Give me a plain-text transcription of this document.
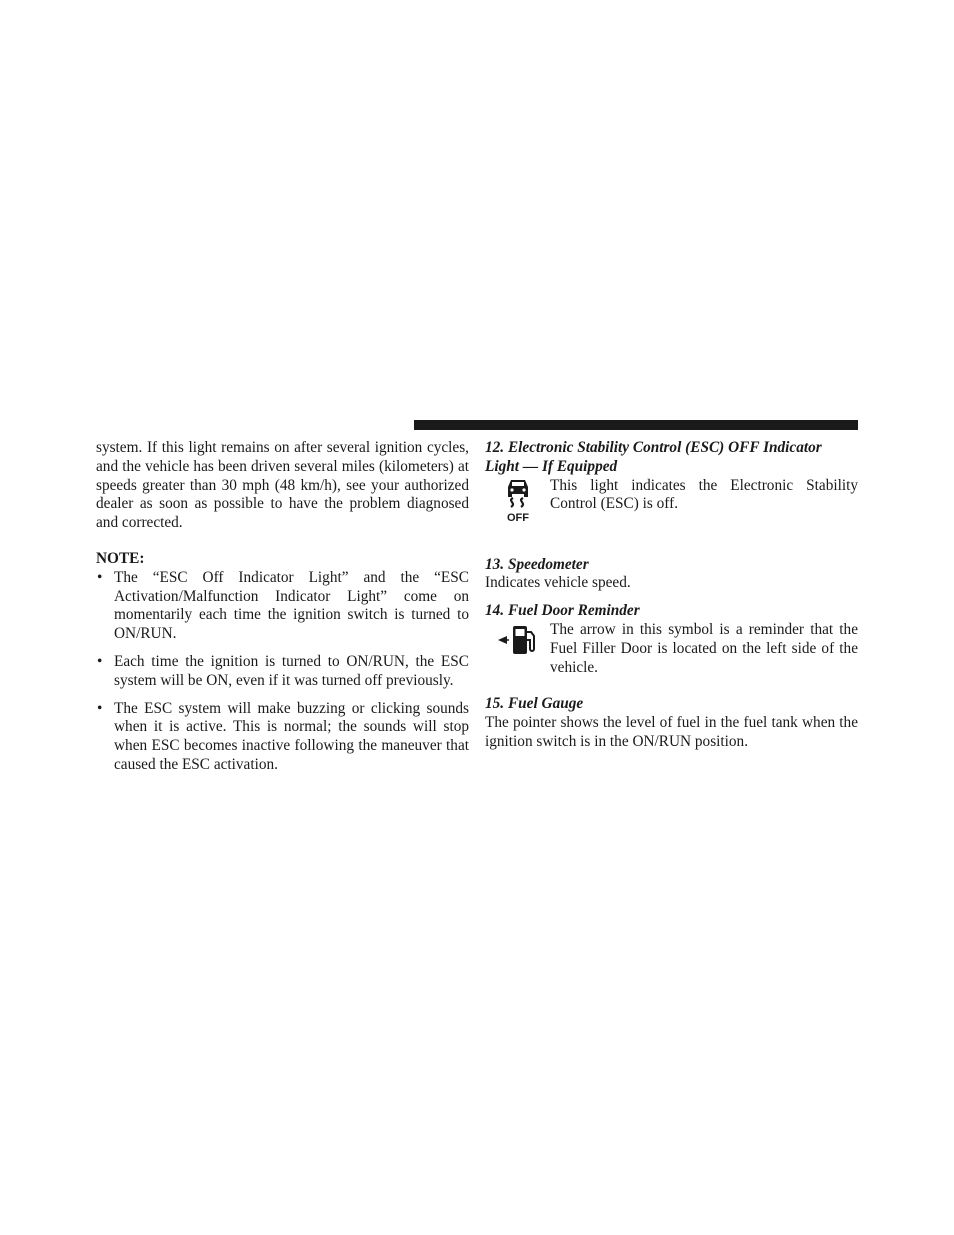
system. If this light remains on after several ignition cycles, and the vehicle has been driven several miles (kilometers) at speeds greater than 30 mph (48 km/h), see your authorized dealer as soon as possible to have the problem diagnosed and corrected.

NOTE:

• The “ESC Off Indicator Light” and the “ESC Activation/Malfunction Indicator Light” come on momentarily each time the ignition switch is turned to ON/RUN.
• Each time the ignition is turned to ON/RUN, the ESC system will be ON, even if it was turned off previously.
• The ESC system will make buzzing or clicking sounds when it is active. This is normal; the sounds will stop when ESC becomes inactive following the maneuver that caused the ESC activation.

12. Electronic Stability Control (ESC) OFF Indicator Light — If Equipped

OFF

This light indicates the Electronic Stability Control (ESC) is off.

13. Speedometer

Indicates vehicle speed.

14. Fuel Door Reminder

The arrow in this symbol is a reminder that the Fuel Filler Door is located on the left side of the vehicle.

15. Fuel Gauge

The pointer shows the level of fuel in the fuel tank when the ignition switch is in the ON/RUN position.
